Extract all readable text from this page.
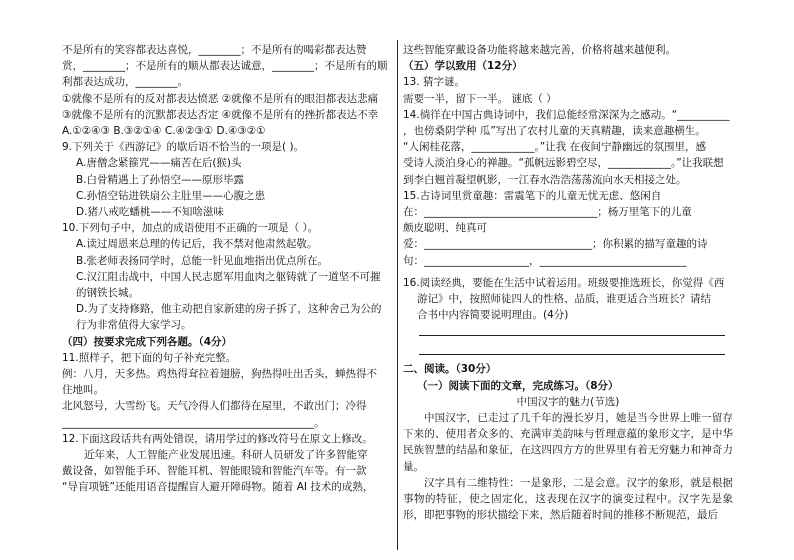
不是所有的笑容都表达喜悦，________；不是所有的喝彩都表达赞
赏，________；不是所有的顺从都表达诚意，________；不是所有的顺
利都表达成功，________。
①就像不是所有的反对都表达愤恶 ②就像不是所有的眼泪都表达悲痛
③就像不是所有的沉默都表达否定 ④就像不是所有的挫折都表达不幸
A.①②④③ B.③②①④ C.④②③① D.④③②①
9.下列关于《西游记》的歇后语不恰当的一项是( )。
A.唐僧念紧箍咒——痛苦在后(猴)头
B.白骨精遇上了孙悟空——原形毕露
C.孙悟空钻进铁扇公主肚里——心腹之患
D.猪八戒吃蟠桃——不知啥滋味
10.下列句子中，加点的成语使用不正确的一项是（ ）。
A.读过周恩来总理的传记后，我不禁对他肃然起敬。
B.张老师表扬同学时，总能一针见血地指出优点所在。
C.汉江阻击战中，中国人民志愿军用血肉之躯铸就了一道坚不可摧
的钢铁长城。
D.为了支持修路，他主动把自家新建的房子拆了，这种舍己为公的
行为非常值得大家学习。
（四）按要求完成下列各题。（4分）
11.照样子，把下面的句子补充完整。
例：八月，天多热。鸡热得耷拉着翅膀，狗热得吐出舌头，蝉热得不
住地叫。
北风怒号，大雪纷飞。天气冷得人们都待在屋里，不敢出门；冷得
________________________________________________。
12.下面这段话共有两处错误，请用学过的修改符号在原文上修改。
近年来，人工智能产业发展迅速。科研人员研发了许多智能穿
戴设备，如智能手环、智能耳机、智能眼镜和智能汽车等。有一款
“导盲项链”还能用语音提醒盲人避开障碍物。随着 AI 技术的成熟，
这些智能穿戴设备功能将越来越完善，价格将越来越便利。
（五）学以致用（12分）
13. 猜字谜。
需要一半，留下一半。 谜底（ ）
14.徜徉在中国古典诗词中，我们总能经常深深为之感动。“__________
，也傍桑阴学种 瓜”写出了农村儿童的天真精趣，读来意趣横生。
“人闲桂花落，____________。”让我 在夜间宁静幽远的氛围里，感
受诗人淡泊身心的禅趣。“孤帆远影碧空尽，____________。”让我联想
到李白翘首凝望帆影，一江春水浩浩荡荡流向水天相接之处。
15.古诗词里赏童趣：雷震笔下的儿童无忧无虑、悠闲自
在：_________________________________；杨万里笔下的儿童
颇皮聪明、纯真可
爱：________________________________；你积累的描写童趣的诗
句：____________________，____________________________
16.阅读经典，要能在生活中试着运用。班级要推选班长，你觉得《西
游记》中，按照师徒四人的性格、品质，谁更适合当班长？请结
合书中内容简要说明理由。(4分)
二、阅读。（30分）
（一）阅读下面的文章，完成练习。（8分）
中国汉字的魅力(节选)
中国汉字，已走过了几千年的漫长岁月，她是当今世界上唯一留存下来的、使用者众多的、充满审美韵味与哲理意蕴的象形文字，是中华民族智慧的结晶和象征，在这四四方方的世界里有着无穷魅力和神奇力量。
汉字具有二维特性：一是象形，二是会意。汉字的象形，就是根据事物的特征，使之固定化，这表现在汉字的演变过程中。汉字先是象形，即把事物的形状描绘下来，然后随着时间的推移不断规范，最后
